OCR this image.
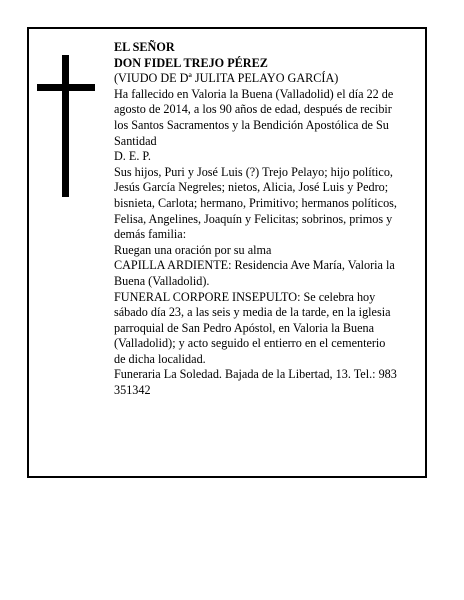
EL SEÑOR

DON FIDEL TREJO PÉREZ

(VIUDO DE Dª JULITA PELAYO GARCÍA)

Ha fallecido en Valoria la Buena (Valladolid) el día 22 de agosto de 2014, a los 90 años de edad, después de recibir los Santos Sacramentos y la Bendición Apostólica de Su Santidad

D. E. P.

Sus hijos, Puri y José Luis (?) Trejo Pelayo; hijo político, Jesús García Negreles; nietos, Alicia, José Luis y Pedro; bisnieta, Carlota; hermano, Primitivo; hermanos políticos, Felisa, Angelines, Joaquín y Felicitas; sobrinos, primos y demás familia:

Ruegan una oración por su alma

CAPILLA ARDIENTE: Residencia Ave María, Valoria la Buena (Valladolid).

FUNERAL CORPORE INSEPULTO: Se celebra hoy sábado día 23, a las seis y media de la tarde, en la iglesia parroquial de San Pedro Apóstol, en Valoria la Buena (Valladolid); y acto seguido el entierro en el cementerio de dicha localidad.

Funeraria La Soledad. Bajada de la Libertad, 13. Tel.: 983 351342
